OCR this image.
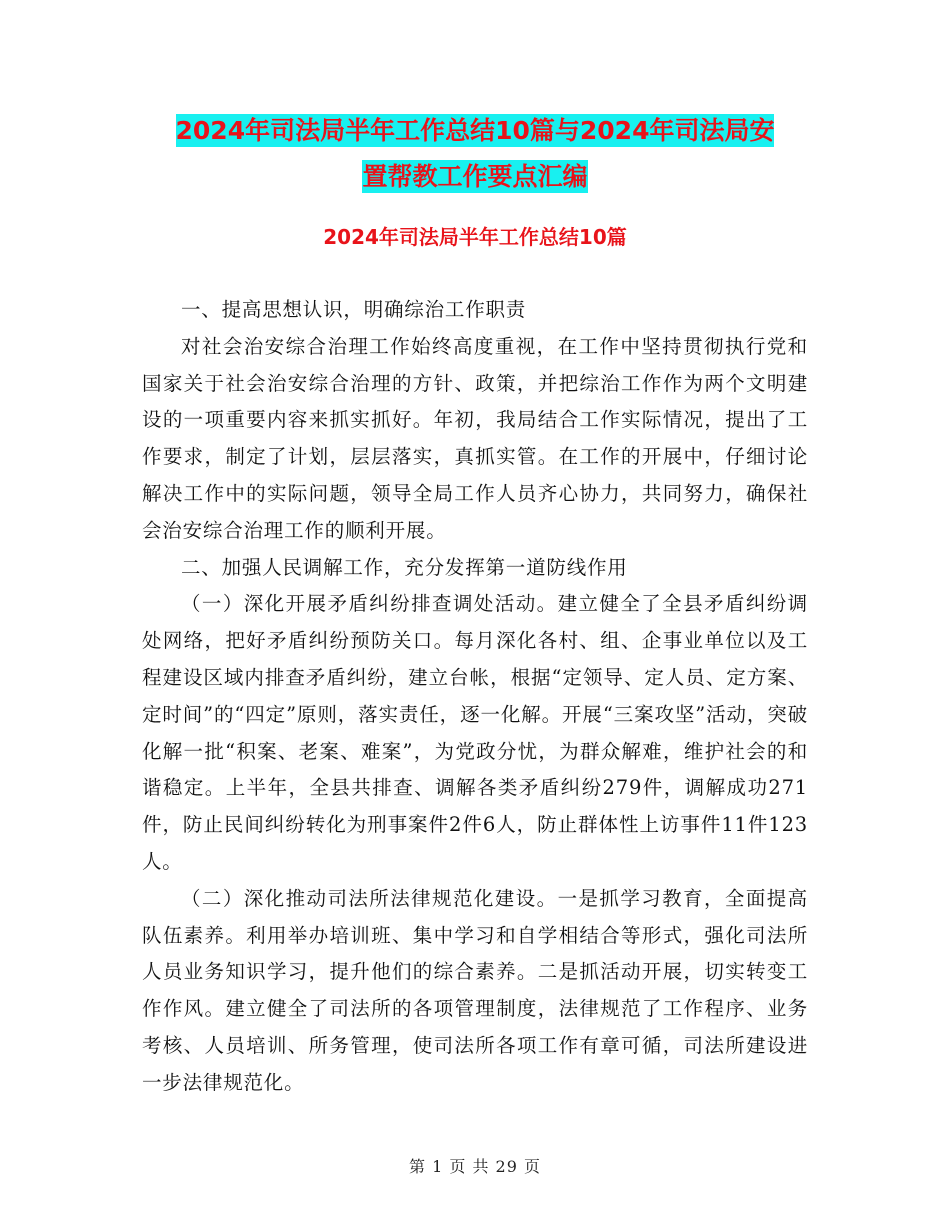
2024年司法局半年工作总结10篇与2024年司法局安
置帮教工作要点汇编
2024年司法局半年工作总结10篇

一、提高思想认识，明确综治工作职责

对社会治安综合治理工作始终高度重视，在工作中坚持贯彻执行党和国家关于社会治安综合治理的方针、政策，并把综治工作作为两个文明建设的一项重要内容来抓实抓好。年初，我局结合工作实际情况，提出了工作要求，制定了计划，层层落实，真抓实管。在工作的开展中，仔细讨论解决工作中的实际问题，领导全局工作人员齐心协力，共同努力，确保社会治安综合治理工作的顺利开展。

二、加强人民调解工作，充分发挥第一道防线作用

（一）深化开展矛盾纠纷排查调处活动。建立健全了全县矛盾纠纷调处网络，把好矛盾纠纷预防关口。每月深化各村、组、企事业单位以及工程建设区域内排查矛盾纠纷，建立台帐，根据“定领导、定人员、定方案、定时间”的“四定”原则，落实责任，逐一化解。开展“三案攻坚”活动，突破化解一批“积案、老案、难案”，为党政分忧，为群众解难，维护社会的和谐稳定。上半年，全县共排查、调解各类矛盾纠纷279件，调解成功271件，防止民间纠纷转化为刑事案件2件6人，防止群体性上访事件11件123人。

（二）深化推动司法所法律规范化建设。一是抓学习教育，全面提高队伍素养。利用举办培训班、集中学习和自学相结合等形式，强化司法所人员业务知识学习，提升他们的综合素养。二是抓活动开展，切实转变工作作风。建立健全了司法所的各项管理制度，法律规范了工作程序、业务考核、人员培训、所务管理，使司法所各项工作有章可循，司法所建设进一步法律规范化。

第 1 页 共 29 页
